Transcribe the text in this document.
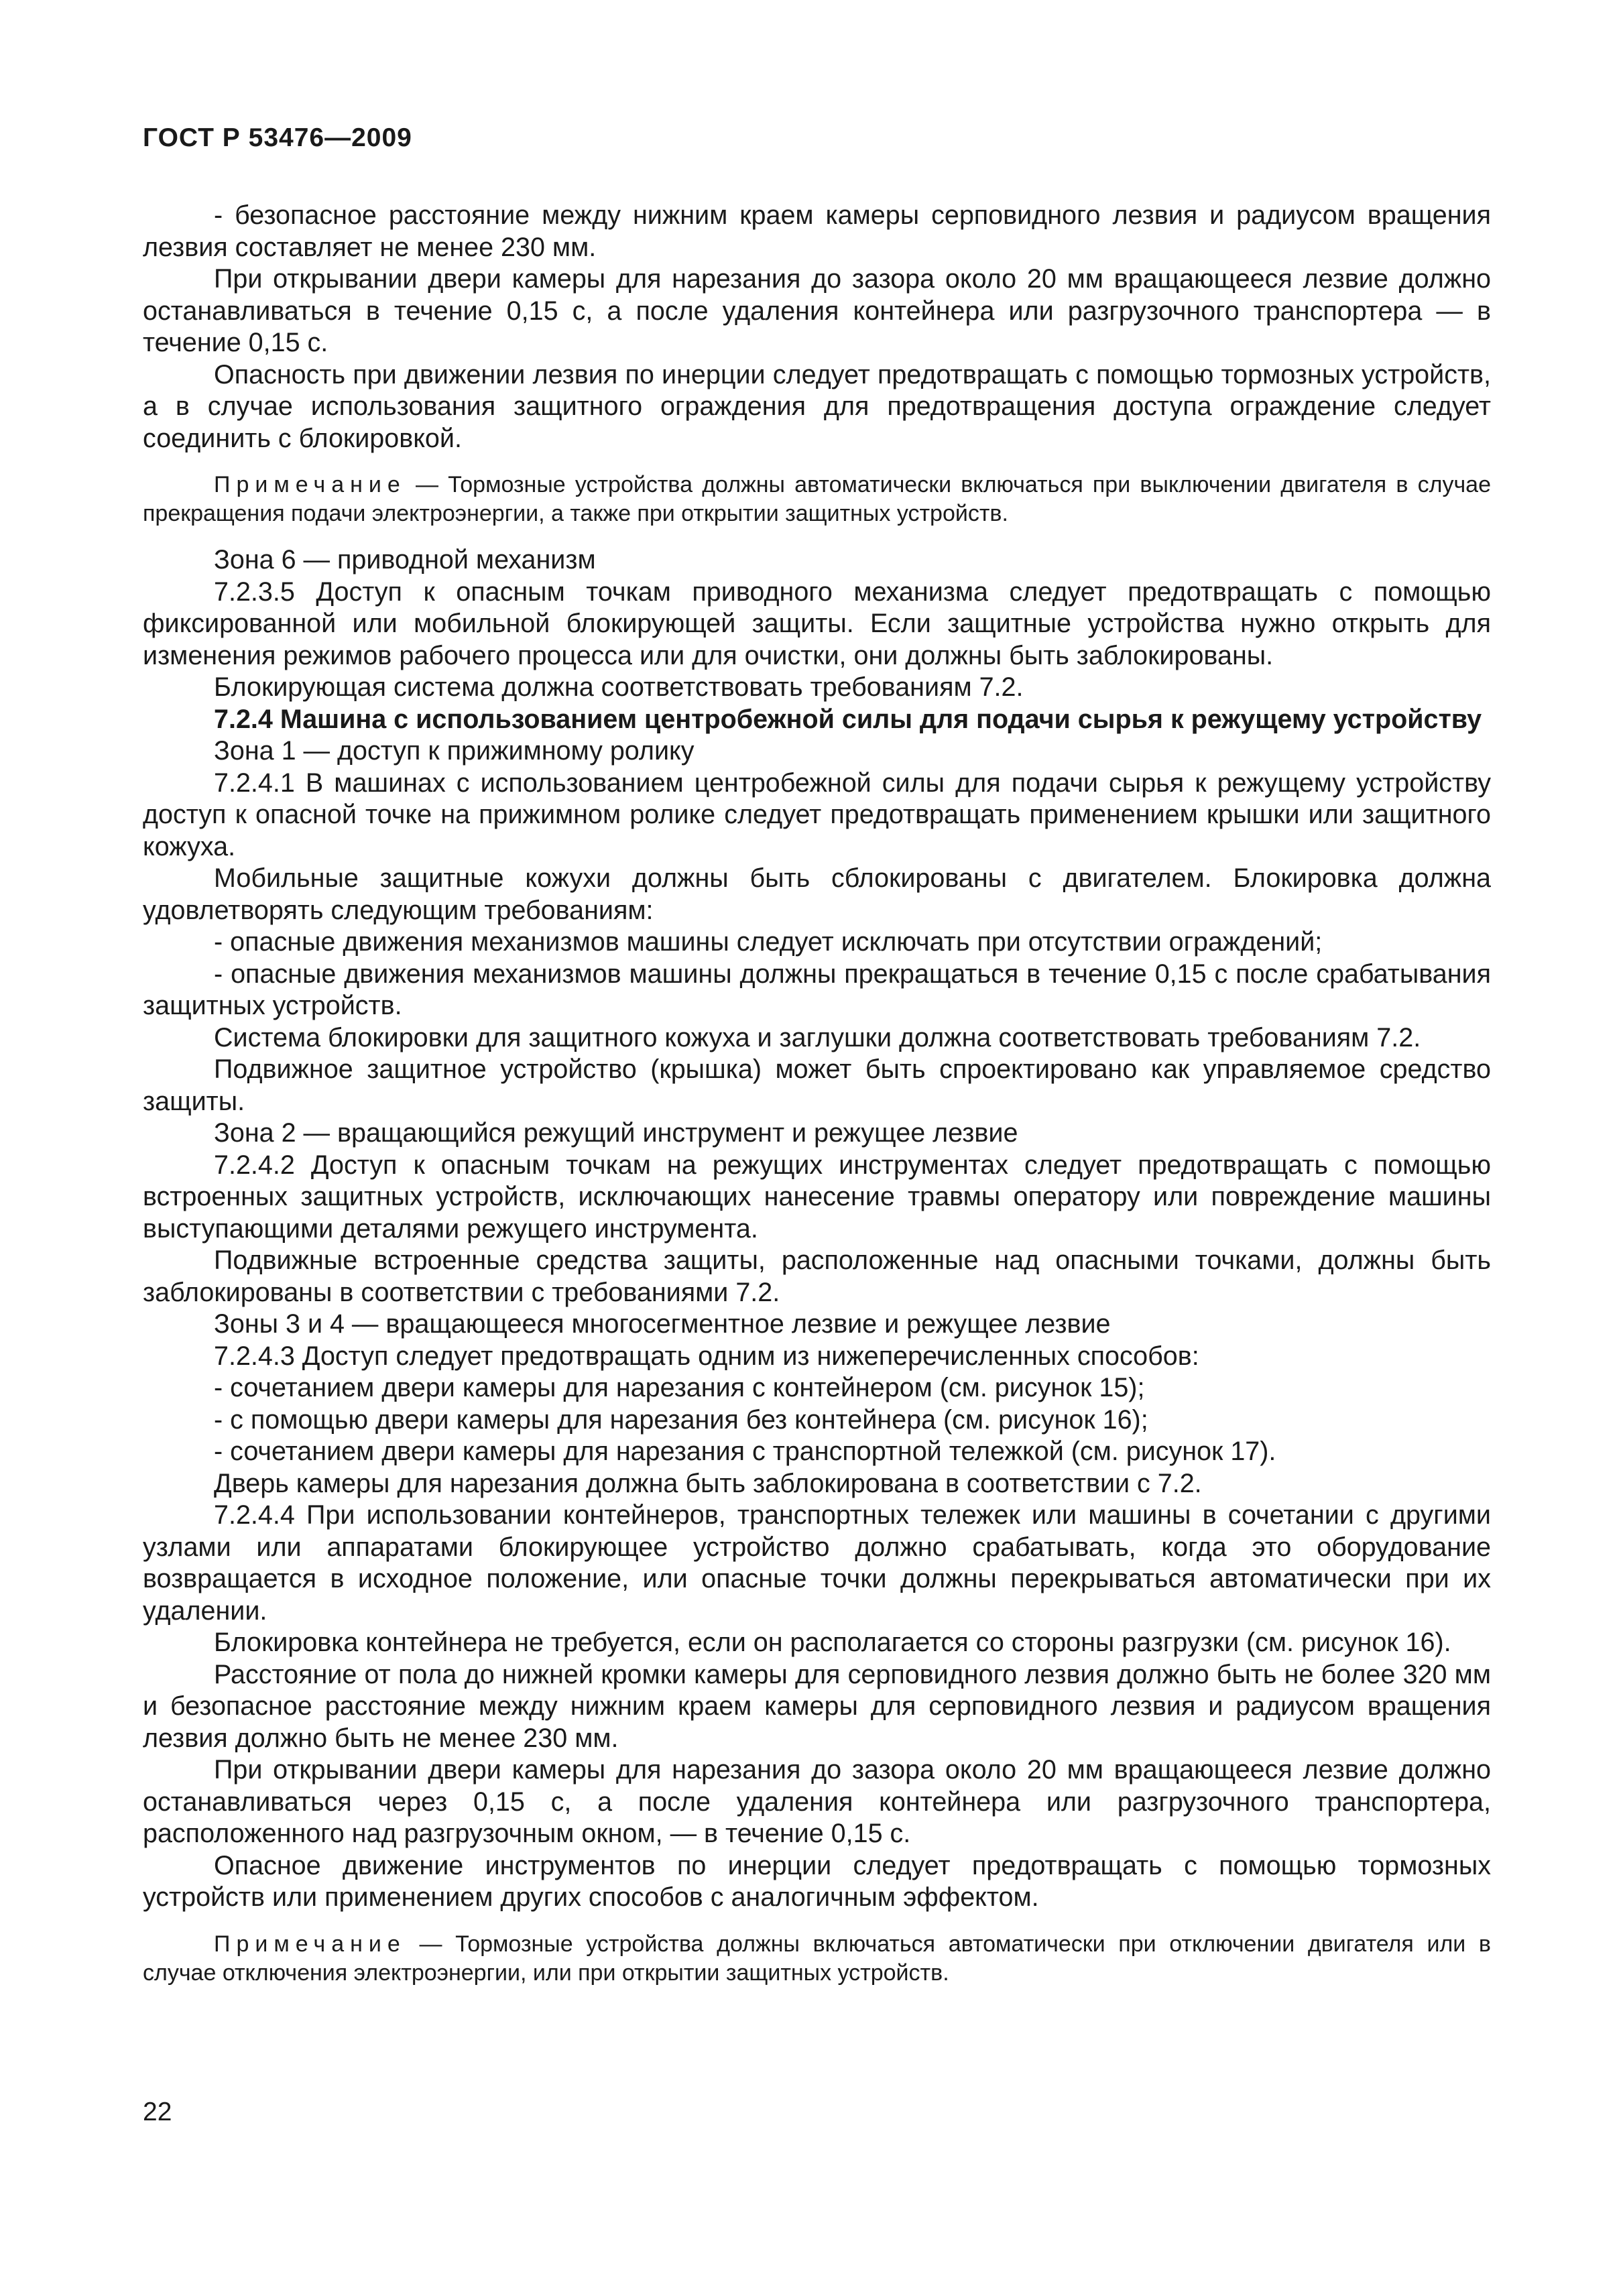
ГОСТ Р 53476—2009

- безопасное расстояние между нижним краем камеры серповидного лезвия и радиусом вращения лезвия составляет не менее 230 мм.

При открывании двери камеры для нарезания до зазора около 20 мм вращающееся лезвие должно останавливаться в течение 0,15 с, а после удаления контейнера или разгрузочного транспортера — в течение 0,15 с.

Опасность при движении лезвия по инерции следует предотвращать с помощью тормозных устройств, а в случае использования защитного ограждения для предотвращения доступа ограждение следует соединить с блокировкой.

Примечание — Тормозные устройства должны автоматически включаться при выключении двигателя в случае прекращения подачи электроэнергии, а также при открытии защитных устройств.

Зона 6 — приводной механизм

7.2.3.5 Доступ к опасным точкам приводного механизма следует предотвращать с помощью фиксированной или мобильной блокирующей защиты. Если защитные устройства нужно открыть для изменения режимов рабочего процесса или для очистки, они должны быть заблокированы.

Блокирующая система должна соответствовать требованиям 7.2.

7.2.4 Машина с использованием центробежной силы для подачи сырья к режущему устройству

Зона 1 — доступ к прижимному ролику

7.2.4.1 В машинах с использованием центробежной силы для подачи сырья к режущему устройству доступ к опасной точке на прижимном ролике следует предотвращать применением крышки или защитного кожуха.

Мобильные защитные кожухи должны быть сблокированы с двигателем. Блокировка должна удовлетворять следующим требованиям:

- опасные движения механизмов машины следует исключать при отсутствии ограждений;

- опасные движения механизмов машины должны прекращаться в течение 0,15 с после срабатывания защитных устройств.

Система блокировки для защитного кожуха и заглушки должна соответствовать требованиям 7.2.

Подвижное защитное устройство (крышка) может быть спроектировано как управляемое средство защиты.

Зона 2 — вращающийся режущий инструмент и режущее лезвие

7.2.4.2 Доступ к опасным точкам на режущих инструментах следует предотвращать с помощью встроенных защитных устройств, исключающих нанесение травмы оператору или повреждение машины выступающими деталями режущего инструмента.

Подвижные встроенные средства защиты, расположенные над опасными точками, должны быть заблокированы в соответствии с требованиями 7.2.

Зоны 3 и 4 — вращающееся многосегментное лезвие и режущее лезвие

7.2.4.3 Доступ следует предотвращать одним из нижеперечисленных способов:

- сочетанием двери камеры для нарезания с контейнером (см. рисунок 15);

- с помощью двери камеры для нарезания без контейнера (см. рисунок 16);

- сочетанием двери камеры для нарезания с транспортной тележкой (см. рисунок 17).

Дверь камеры для нарезания должна быть заблокирована в соответствии с 7.2.

7.2.4.4 При использовании контейнеров, транспортных тележек или машины в сочетании с другими узлами или аппаратами блокирующее устройство должно срабатывать, когда это оборудование возвращается в исходное положение, или опасные точки должны перекрываться автоматически при их удалении.

Блокировка контейнера не требуется, если он располагается со стороны разгрузки (см. рисунок 16).

Расстояние от пола до нижней кромки камеры для серповидного лезвия должно быть не более 320 мм и безопасное расстояние между нижним краем камеры для серповидного лезвия и радиусом вращения лезвия должно быть не менее 230 мм.

При открывании двери камеры для нарезания до зазора около 20 мм вращающееся лезвие должно останавливаться через 0,15 с, а после удаления контейнера или разгрузочного транспортера, расположенного над разгрузочным окном, — в течение 0,15 с.

Опасное движение инструментов по инерции следует предотвращать с помощью тормозных устройств или применением других способов с аналогичным эффектом.

Примечание — Тормозные устройства должны включаться автоматически при отключении двигателя или в случае отключения электроэнергии, или при открытии защитных устройств.

22
